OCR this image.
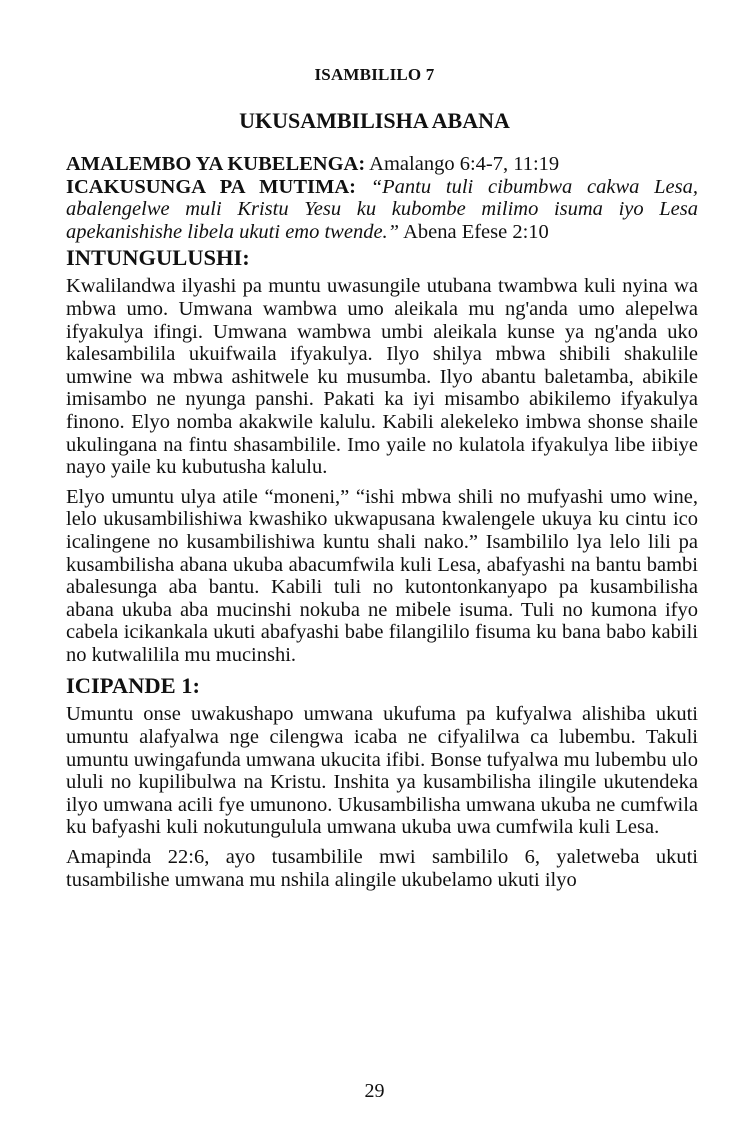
ISAMBILILO 7
UKUSAMBILISHA ABANA

AMALEMBO YA KUBELENGA: Amalango 6:4-7, 11:19

ICAKUSUNGA PA MUTIMA: “Pantu tuli cibumbwa cakwa Lesa, abalengelwe muli Kristu Yesu ku kubombe milimo isuma iyo Lesa apekanishishe libela ukuti emo twende.” Abena Efese 2:10

INTUNGULUSHI:

Kwalilandwa ilyashi pa muntu uwasungile utubana twambwa kuli nyina wa mbwa umo. Umwana wambwa umo aleikala mu ng'anda umo alepelwa ifyakulya ifingi. Umwana wambwa umbi aleikala kunse ya ng'anda uko kalesambilila ukuifwaila ifyakulya. Ilyo shilya mbwa shibili shakulile umwine wa mbwa ashitwele ku musumba. Ilyo abantu baletamba, abikile imisambo ne nyunga panshi. Pakati ka iyi misambo abikilemo ifyakulya finono. Elyo nomba akakwile kalulu. Kabili alekeleko imbwa shonse shaile ukulingana na fintu shasambilile. Imo yaile no kulatola ifyakulya libe iibiye nayo yaile ku kubutusha kalulu.

Elyo umuntu ulya atile “moneni,” “ishi mbwa shili no mufyashi umo wine, lelo ukusambilishiwa kwashiko ukwapusana kwalengele ukuya ku cintu ico icalingene no kusambilishiwa kuntu shali nako.” Isambililo lya lelo lili pa kusambilisha abana ukuba abacumfwila kuli Lesa, abafyashi na bantu bambi abalesunga aba bantu. Kabili tuli no kutontonkanyapo pa kusambilisha abana ukuba aba mucinshi nokuba ne mibele isuma. Tuli no kumona ifyo cabela icikankala ukuti abafyashi babe filangililo fisuma ku bana babo kabili no kutwalilila mu mucinshi.

ICIPANDE 1:

Umuntu onse uwakushapo umwana ukufuma pa kufyalwa alishiba ukuti umuntu alafyalwa nge cilengwa icaba ne cifyalilwa ca lubembu. Takuli umuntu uwingafunda umwana ukucita ifibi. Bonse tufyalwa mu lubembu ulo ululi no kupilibulwa na Kristu. Inshita ya kusambilisha ilingile ukutendeka ilyo umwana acili fye umunono. Ukusambilisha umwana ukuba ne cumfwila ku bafyashi kuli nokutungulula umwana ukuba uwa cumfwila kuli Lesa.

Amapinda 22:6, ayo tusambilile mwi sambililo 6, yaletweba ukuti tusambilishe umwana mu nshila alingile ukubelamo ukuti ilyo

29
